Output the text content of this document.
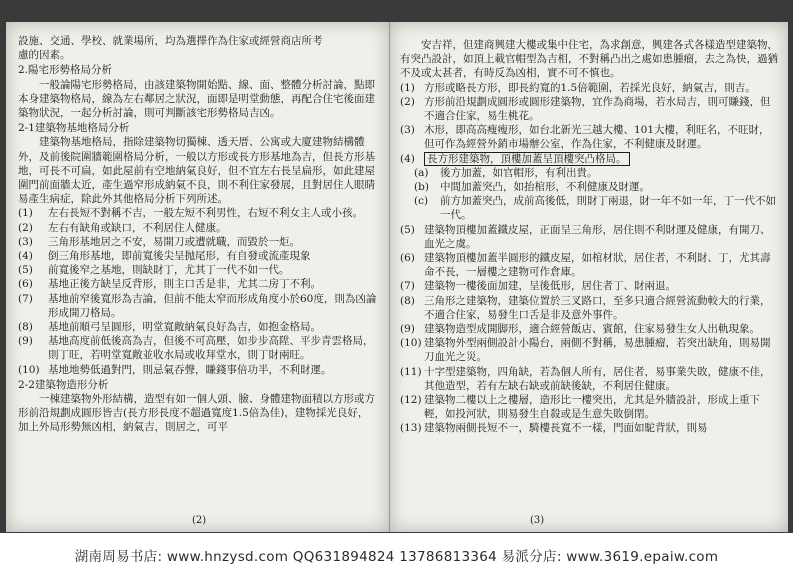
設施、交通、學校、就業場所，均為選擇作為住家或經營商店所考

慮的因素。

2.陽宅形勢格局分析

一般論陽宅形勢格局，由該建築物開始點、線、面、整體分析討論，點即本身建築物格局，線為左右鄰居之狀況，面即是明堂動態，再配合住宅後面建築物狀況，一起分析討論，則可判斷該宅形勢格局吉凶。

2-1建築物基地格局分析

建築物基地格局，指除建築物切獨棟、透天厝、公寓或大廈建物結構體外，及前後院圍牆範圍格局分析，一般以方形或長方形基地為吉，但長方形基地，可長不可扁，如此屋前有空地納氣良好，但不宜左右長呈扁形，如此建屋圍門前面牆太近，產生過窄形成納氣不良，則不利住家發展，且對居住人眼睛易產生病症，除此外其他格局分析下列所述。

(1)	左右長短不對稱不吉，一般左短不利男性，右短不利女主人或小孩。
(2)	左右有缺角或缺口，不利居住人健康。
(3)	三角形基地居之不安，易開刀或遭就職，而毀於一炬。
(4)	倒三角形基地，即前寬後尖呈抛尾形，有自發或流產現象
(5)	前寬後窄之基地，則缺財丁，尤其丁一代不如一代。
(6)	基地正後方缺呈反背形，則主口舌是非，尤其二房丁不利。
(7)	基地前窄後寬形為吉論，但前不能太窄而形成角度小於60度，則為凶論形成開刀格局。
(8)	基地前順弓呈圓形，明堂寬敞納氣良好為吉，如抱金格局。
(9)	基地高度前低後高為吉，但後不可高壓，如步步高陞、平步青雲格局，則丁旺，若明堂寬敞並收水局或收拜堂水，則丁財兩旺。
(10) 基地地勢低過對門，則忌氣吞聲，賺錢事倍功半，不利財運。

2-2建築物造形分析

一棟建築物外形結構，造型有如一個人頭、臉、身體建物面積以方形或方形前沿規劃成圓形皆吉(長方形長度不超過寬度1.5倍為佳)，建物採光良好，加上外局形勢無凶相，納氣吉，則居之，可平

(2)

安吉祥，但建商興建大樓或集中住宅，為求創意，興建各式各樣造型建築物，有突凸設計，如頂上載官帽型為吉相，不對稱凸出之處如患腫瘤，去之為快，過猶不及或太甚者，有時反為凶相，實不可不慎也。

(1) 方形或略長方形，即長約寬的1.5倍範圍，若採光良好，納氣吉，則吉。
(2) 方形前沿規劃成圓形或圓形建築物，宜作為商場，若水局吉，則可賺錢，但不適合住家，易生桃花。
(3) 木形，即高高瘦瘦形，如台北新光三越大樓、101大樓，利旺名，不旺財，但可作為經營外銷市場辦公室，作為住家，不利健康及財運。
(4)	長方形建築物，頂樓加蓋呈頂樓突凸格局。
(a)	後方加蓋，如官帽形，有利出貴。
(b)	中間加蓋突凸，如抬棺形，不利健康及財運。
(c)	前方加蓋突凸，成前高後低，則財丁兩退，財一年不如一年，丁一代不如一代。
(5) 建築物頂樓加蓋鐵皮屋，正面呈三角形，居住則不利財運及健康，有開刀、血光之虞。
(6) 建築物頂樓加蓋半圓形的鐵皮屋，如棺材狀，居住者，不利財、丁，尤其壽命不長，一層樓之建物可作倉庫。
(7) 建築物一樓後面加建，呈後低形，居住者丁、財兩退。
(8) 三角形之建築物，建築位置於三叉路口，至多只適合經營流動較大的行業，不適合住家，易發生口舌是非及意外事件。
(9) 建築物造型成開脚形，適合經營飯店、賓館，住家易發生女人出軌現象。
(10) 建築物外型兩側設計小陽台，兩側不對稱，易患腫瘤，若突出缺角，則易開刀血光之災。
(11) 十字型建築物，四角缺，若為個人所有，居住者，易事業失敗，健康不佳，其他造型，若有左缺右缺或前缺後缺，不利居住健康。
(12) 建築物二樓以上之樓層，造形比一樓突出，尤其是外牆設計，形成上重下輕，如投河狀，則易發生自殺或是生意失敗倒閉。
(13) 建築物兩側長短不一，騎樓長寬不一樣，門面如駝背狀，則易
(3)
湖南周易书店: www.hnzysd.com QQ631894824 13786813364 易派分店: www.3619.epaiw.com
